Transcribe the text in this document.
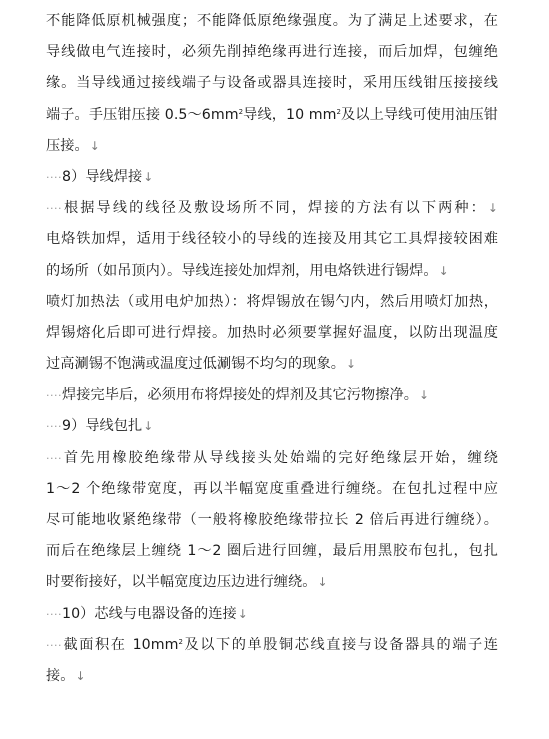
不能降低原机械强度；不能降低原绝缘强度。为了满足上述要求，在
导线做电气连接时，必须先削掉绝缘再进行连接，而后加焊，包缠绝
缘。当导线通过接线端子与设备或器具连接时，采用压线钳压接接线
端子。手压钳压接 $0.5\sim 6mm^2$导线，10 $mm^2$及以上导线可使用油压钳
压接。↓
····8）导线焊接↓
····根据导线的线径及敷设场所不同，焊接的方法有以下两种：↓
电烙铁加焊，适用于线径较小的导线的连接及用其它工具焊接较困难
的场所（如吊顶内）。导线连接处加焊剂，用电烙铁进行锡焊。↓
喷灯加热法（或用电炉加热）：将焊锡放在锡勺内，然后用喷灯加热，
焊锡熔化后即可进行焊接。加热时必须要掌握好温度，以防出现温度
过高涮锡不饱满或温度过低涮锡不均匀的现象。↓
····焊接完毕后，必须用布将焊接处的焊剂及其它污物擦净。↓
····9）导线包扎↓
····首先用橡胶绝缘带从导线接头处始端的完好绝缘层开始，缠绕
1～2 个绝缘带宽度，再以半幅宽度重叠进行缠绕。在包扎过程中应
尽可能地收紧绝缘带（一般将橡胶绝缘带拉长 2 倍后再进行缠绕）。
而后在绝缘层上缠绕 1～2 圈后进行回缠，最后用黑胶布包扎，包扎
时要衔接好，以半幅宽度边压边进行缠绕。↓
····10）芯线与电器设备的连接↓
····截面积在 $10mm^2$及以下的单股铜芯线直接与设备器具的端子连
接。↓
